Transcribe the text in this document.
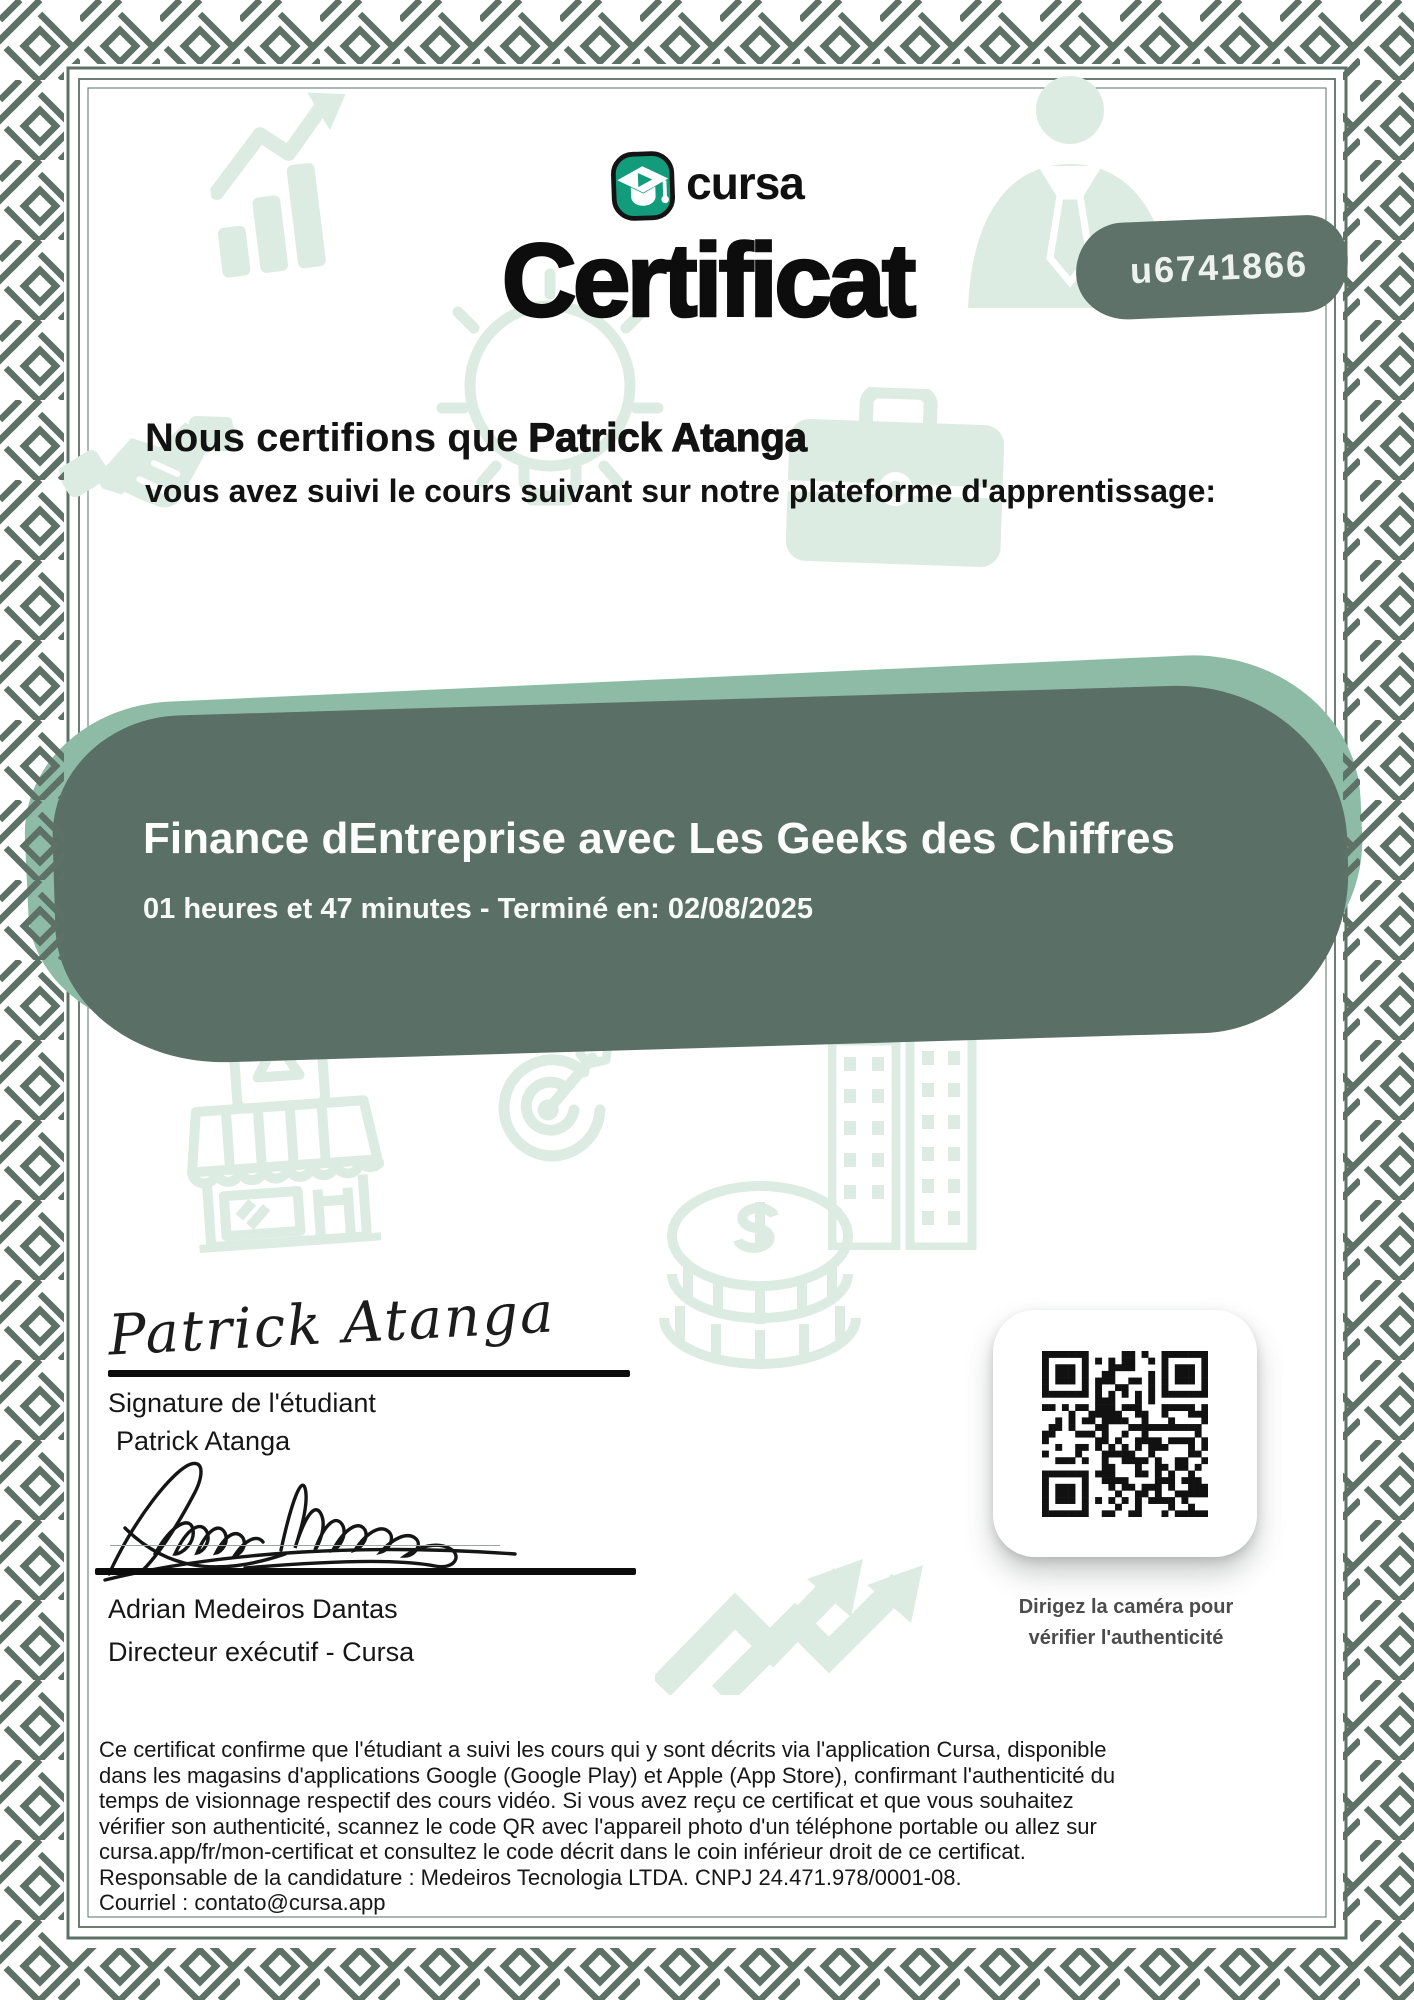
u6741866
cursa
Certificat
Nous certifions que Patrick Atanga
vous avez suivi le cours suivant sur notre plateforme d'apprentissage:
Finance dEntreprise avec Les Geeks des Chiffres
01 heures et 47 minutes - Terminé en: 02/08/2025
Patrick Atanga
Signature de l'étudiant
Patrick Atanga
Adrian Medeiros Dantas
Directeur exécutif - Cursa
Dirigez la caméra pour
vérifier l'authenticité
Ce certificat confirme que l'étudiant a suivi les cours qui y sont décrits via l'application Cursa, disponible
dans les magasins d'applications Google (Google Play) et Apple (App Store), confirmant l'authenticité du
temps de visionnage respectif des cours vidéo. Si vous avez reçu ce certificat et que vous souhaitez
vérifier son authenticité, scannez le code QR avec l'appareil photo d'un téléphone portable ou allez sur
cursa.app/fr/mon-certificat et consultez le code décrit dans le coin inférieur droit de ce certificat.
Responsable de la candidature : Medeiros Tecnologia LTDA. CNPJ 24.471.978/0001-08.
Courriel : contato@cursa.app
